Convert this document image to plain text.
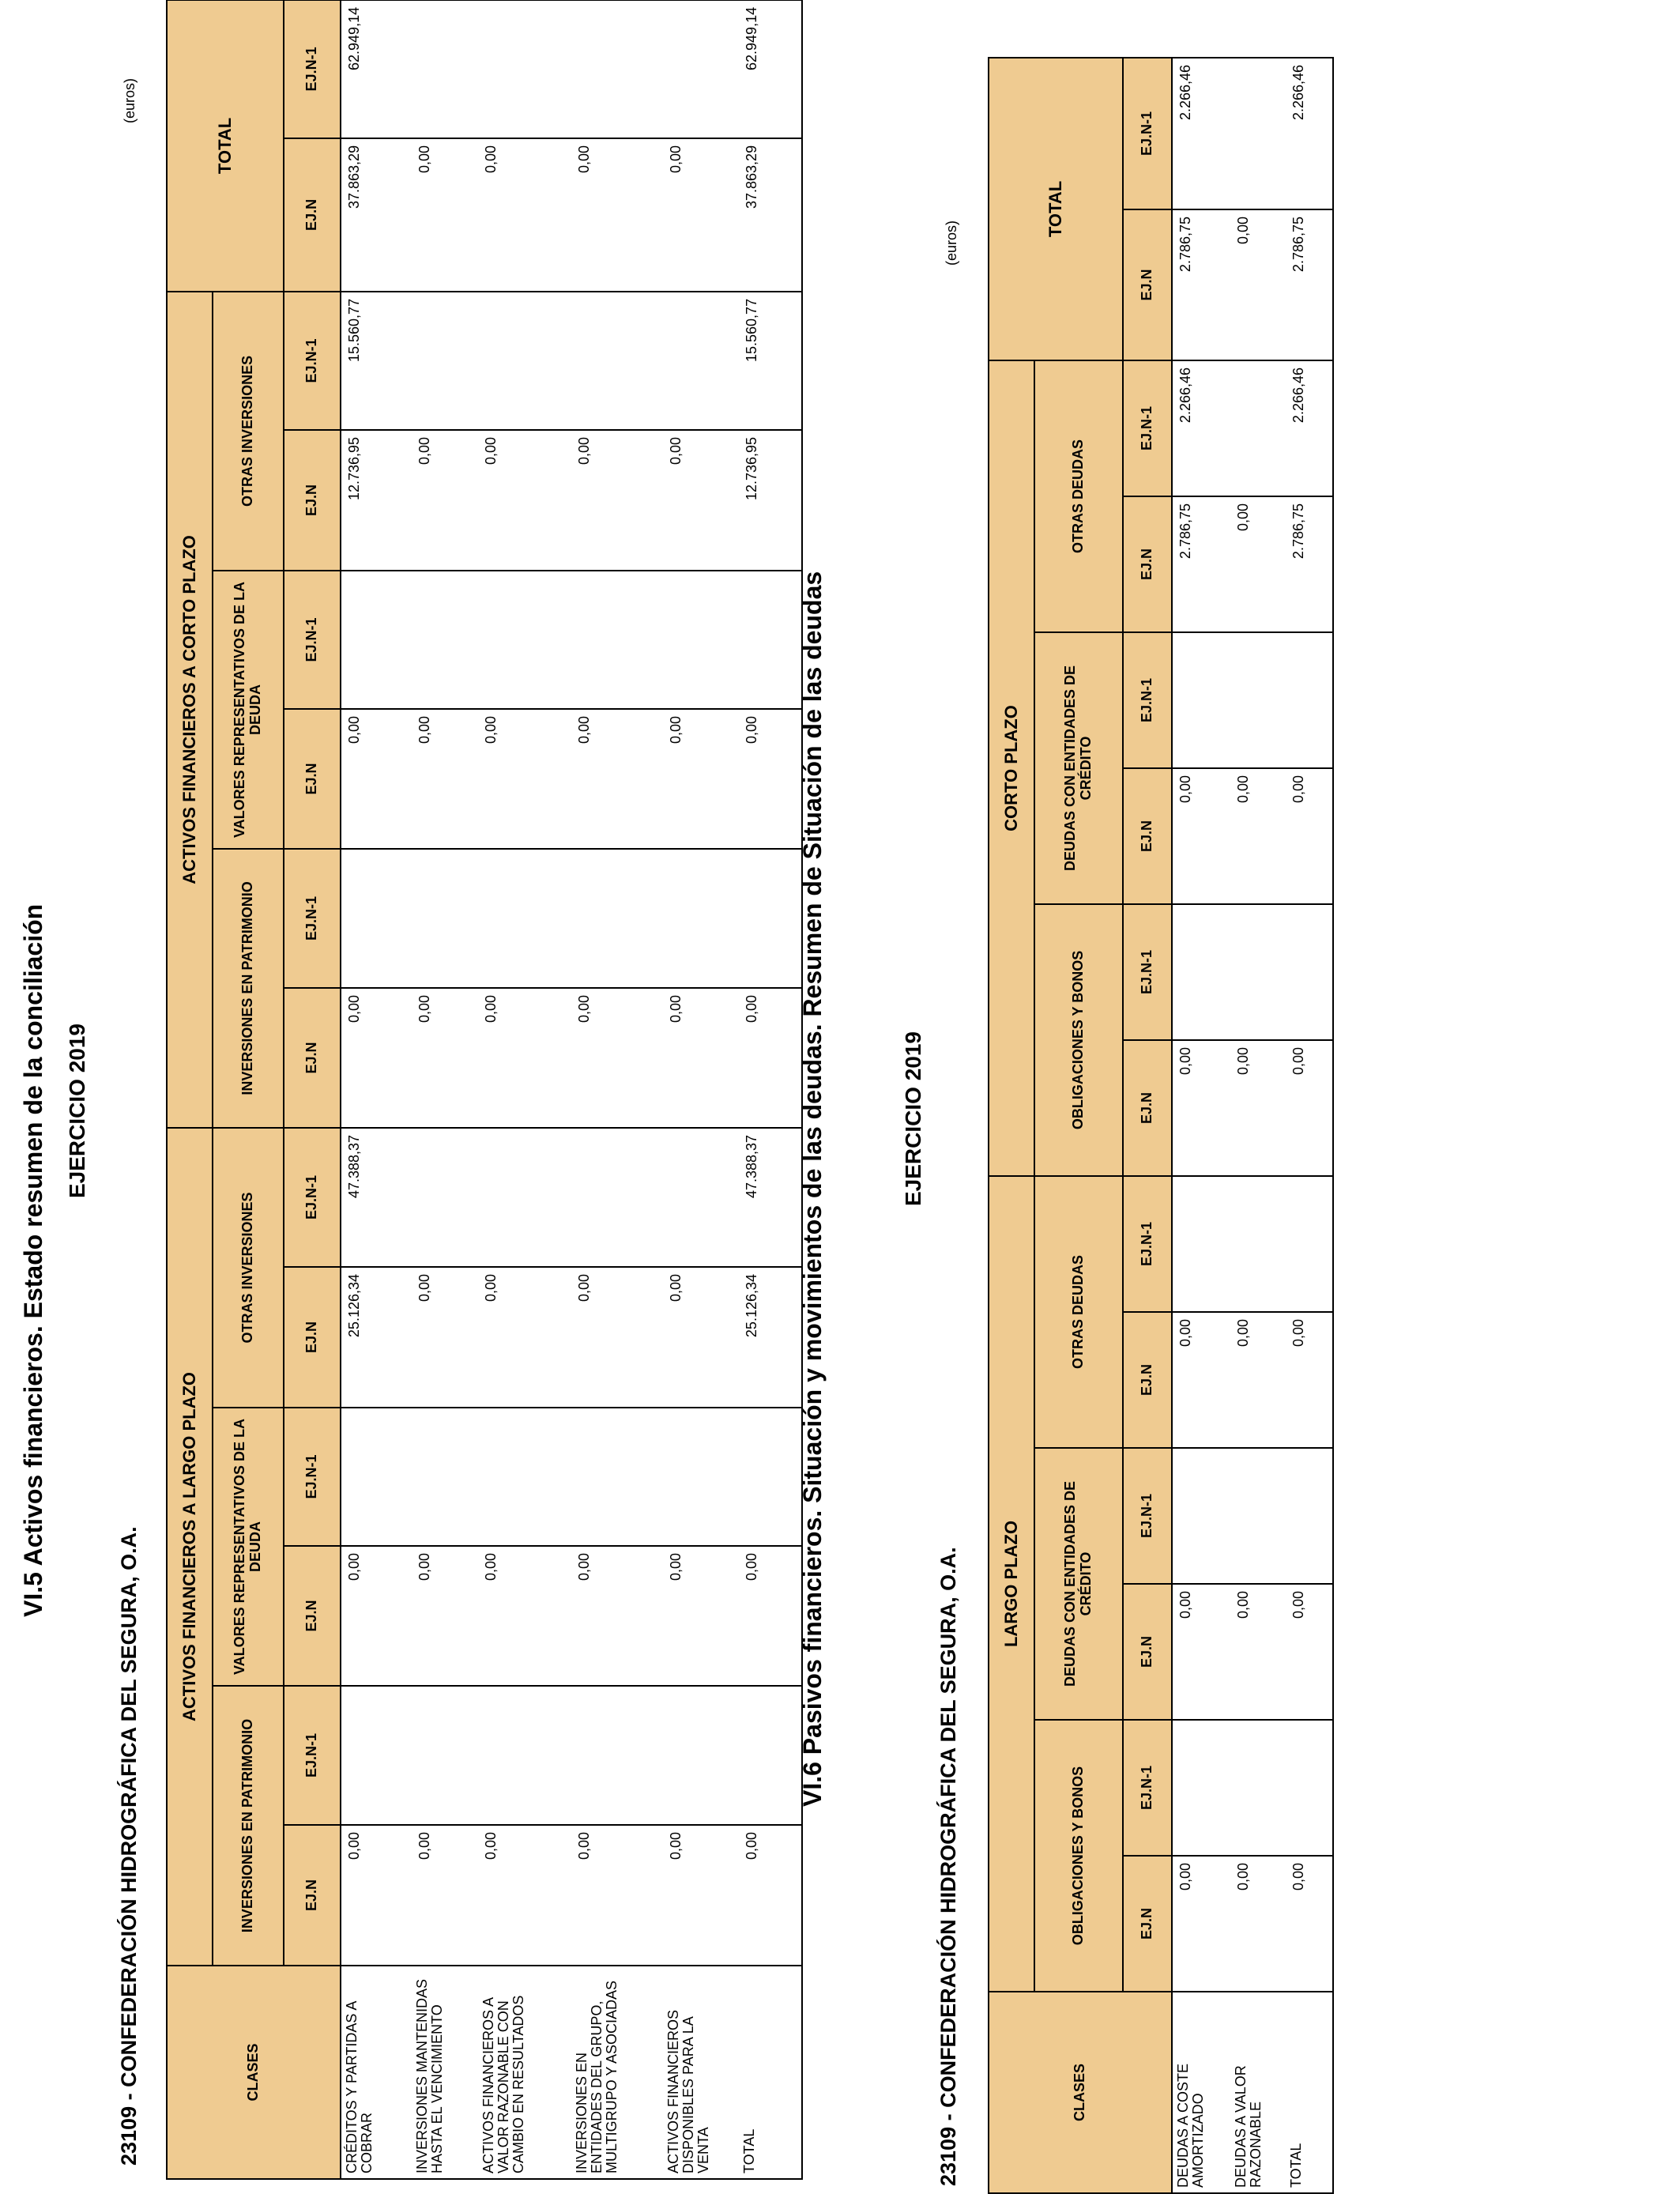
VI.5 Activos financieros. Estado resumen de la conciliación EJERCICIO 2019
23109 - CONFEDERACIÓN HIDROGRÁFICA DEL SEGURA, O.A.
(euros)
CLASES	ACTIVOS FINANCIEROS A LARGO PLAZO						ACTIVOS FINANCIEROS A CORTO PLAZO						TOTAL	
	INVERSIONES EN PATRIMONIO		VALORES REPRESENTATIVOS DE LA DEUDA		OTRAS INVERSIONES		INVERSIONES EN PATRIMONIO		VALORES REPRESENTATIVOS DE LA DEUDA		OTRAS INVERSIONES			
	EJ.N	EJ.N-1	EJ.N	EJ.N-1	EJ.N	EJ.N-1	EJ.N	EJ.N-1	EJ.N	EJ.N-1	EJ.N	EJ.N-1	EJ.N	EJ.N-1
CRÉDITOS Y PARTIDAS A COBRAR	0,00		0,00		25.126,34	47.388,37	0,00		0,00		12.736,95	15.560,77	37.863,29	62.949,14
INVERSIONES MANTENIDAS HASTA EL VENCIMIENTO	0,00		0,00		0,00		0,00		0,00		0,00		0,00	
ACTIVOS FINANCIEROS A VALOR RAZONABLE CON CAMBIO EN RESULTADOS	0,00		0,00		0,00		0,00		0,00		0,00		0,00	
INVERSIONES EN ENTIDADES DEL GRUPO, MULTIGRUPO Y ASOCIADAS	0,00		0,00		0,00		0,00		0,00		0,00		0,00	
ACTIVOS FINANCIEROS DISPONIBLES PARA LA VENTA	0,00		0,00		0,00		0,00		0,00		0,00		0,00	
TOTAL	0,00		0,00		25.126,34	47.388,37	0,00		0,00		12.736,95	15.560,77	37.863,29	62.949,14
VI.6 Pasivos financieros. Situación y movimientos de las deudas. Resumen de Situación de las deudas	EJERCICIO 2019
23109 - CONFEDERACIÓN HIDROGRÁFICA DEL SEGURA, O.A.
(euros)
CLASES	LARGO PLAZO						CORTO PLAZO						TOTAL	
	OBLIGACIONES Y BONOS		DEUDAS CON ENTIDADES DE CRÉDITO		OTRAS DEUDAS		OBLIGACIONES Y BONOS		DEUDAS CON ENTIDADES DE CRÉDITO		OTRAS DEUDAS			
	EJ.N	EJ.N-1	EJ.N	EJ.N-1	EJ.N	EJ.N-1	EJ.N	EJ.N-1	EJ.N	EJ.N-1	EJ.N	EJ.N-1	EJ.N	EJ.N-1
DEUDAS A COSTE AMORTIZADO	0,00		0,00		0,00		0,00		0,00		2.786,75	2.266,46	2.786,75	2.266,46
DEUDAS A VALOR RAZONABLE	0,00		0,00		0,00		0,00		0,00		0,00		0,00	
TOTAL	0,00		0,00		0,00		0,00		0,00		2.786,75	2.266,46	2.786,75	2.266,46
